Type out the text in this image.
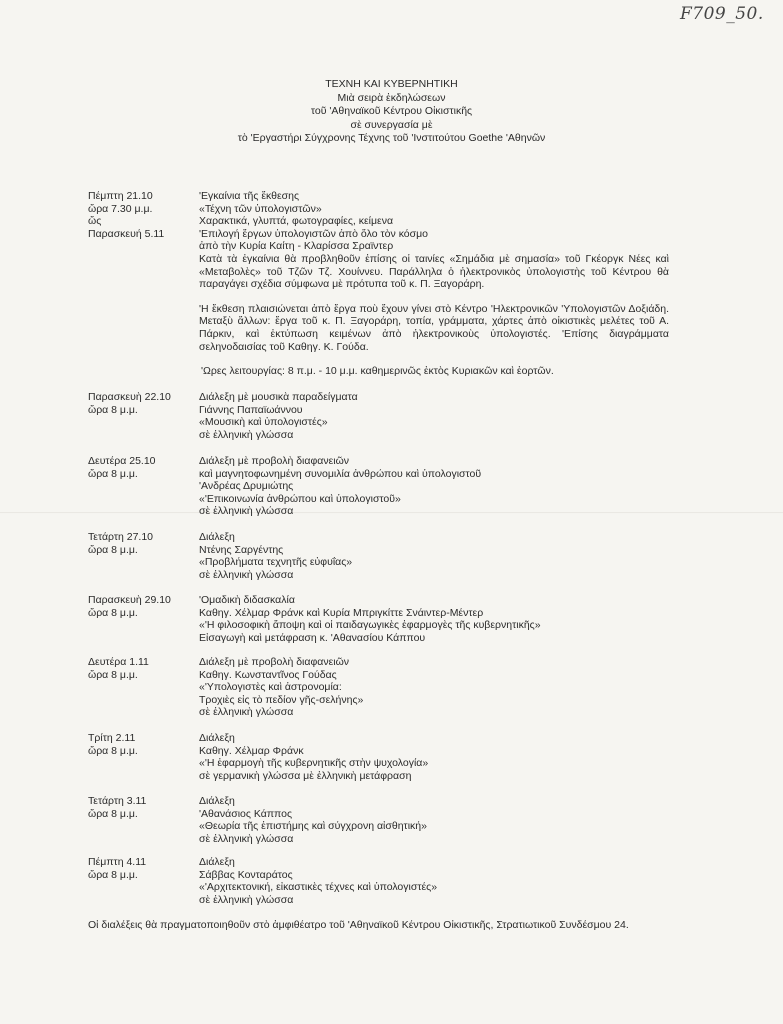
F709_50.
ΤΕΧΝΗ ΚΑΙ ΚΥΒΕΡΝΗΤΙΚΗ
Μιὰ σειρὰ ἐκδηλώσεων
τοῦ 'Αθηναϊκοῦ Κέντρου Οἰκιστικῆς
σὲ συνεργασία μὲ
τὸ 'Εργαστήρι Σύγχρονης Τέχνης τοῦ 'Ινστιτούτου Goethe 'Αθηνῶν
Πέμπτη 21.10
ὥρα 7.30 μ.μ.
ὥς
Παρασκευή 5.11
'Εγκαίνια τῆς ἔκθεσης
«Τέχνη τῶν ὑπολογιστῶν»
Χαρακτικά, γλυπτά, φωτογραφίες, κείμενα
'Επιλογή ἔργων ὑπολογιστῶν ἀπὸ ὅλο τὸν κόσμο
ἀπὸ τὴν Κυρία Καίτη - Κλαρίσσα Σραϊντερ
Κατὰ τὰ ἐγκαίνια θὰ προβληθοῦν ἐπίσης οἱ ταινίες «Σημάδια μὲ σημασία» τοῦ Γκέοργκ Νέες καὶ «Μεταβολὲς» τοῦ Τζῶν Τζ. Χουίννευ. Παράλληλα ὁ ἠλεκτρονικὸς ὑπολογιστὴς τοῦ Κέντρου θὰ παραγάγει σχέδια σύμφωνα μὲ πρότυπα τοῦ κ. Π. Ξαγοράρη.
'Η ἔκθεση πλαισιώνεται ἀπὸ ἔργα ποὺ ἔχουν γίνει στὸ Κέντρο 'Ηλεκτρονικῶν 'Υπολογιστῶν Δοξιάδη. Μεταξὺ ἄλλων: ἔργα τοῦ κ. Π. Ξαγοράρη, τοπία, γράμματα, χάρτες ἀπὸ οἰκιστικὲς μελέτες τοῦ Α. Πάρκιν, καὶ ἐκτύπωση κειμένων ἀπὸ ἠλεκτρονικοὺς ὑπολογιστές. 'Επίσης διαγράμματα σεληνοδαισίας τοῦ Καθηγ. Κ. Γούδα.
'Ωρες λειτουργίας: 8 π.μ. - 10 μ.μ. καθημερινῶς ἐκτὸς Κυριακῶν καὶ ἑορτῶν.
Παρασκευὴ 22.10
ὥρα 8 μ.μ.
Διάλεξη μὲ μουσικὰ παραδείγματα
Γιάννης Παπαϊωάννου
«Μουσικὴ καὶ ὑπολογιστές»
σὲ ἑλληνικὴ γλώσσα
Δευτέρα 25.10
ὥρα 8 μ.μ.
Διάλεξη μὲ προβολὴ διαφανειῶν
καὶ μαγνητοφωνημένη συνομιλία ἀνθρώπου καὶ ὑπολογιστοῦ
'Ανδρέας Δρυμιώτης
«'Επικοινωνία ἀνθρώπου καὶ ὑπολογιστοῦ»
σὲ ἑλληνικὴ γλώσσα
Τετάρτη 27.10
ὥρα 8 μ.μ.
Διάλεξη
Ντένης Σαργέντης
«Προβλήματα τεχνητῆς εὐφυΐας»
σὲ ἑλληνικὴ γλώσσα
Παρασκευὴ 29.10
ὥρα 8 μ.μ.
'Ομαδικὴ διδασκαλία
Καθηγ. Χέλμαρ Φράνκ καὶ Κυρία Μπριγκίττε Σνάιντερ-Μέντερ
«'Η φιλοσοφικὴ ἄποψη καὶ οἱ παιδαγωγικὲς ἐφαρμογὲς τῆς κυβερνητικῆς»
Εἰσαγωγὴ καὶ μετάφραση κ. 'Αθανασίου Κάππου
Δευτέρα 1.11
ὥρα 8 μ.μ.
Διάλεξη μὲ προβολὴ διαφανειῶν
Καθηγ. Κωνσταντῖνος Γούδας
«'Υπολογιστὲς καὶ ἀστρονομία:
Τροχιὲς εἰς τὸ πεδίον γῆς-σελήνης»
σὲ ἑλληνικὴ γλώσσα
Τρίτη 2.11
ὥρα 8 μ.μ.
Διάλεξη
Καθηγ. Χέλμαρ Φράνκ
«'Η ἐφαρμογὴ τῆς κυβερνητικῆς στὴν ψυχολογία»
σὲ γερμανικὴ γλώσσα μὲ ἑλληνικὴ μετάφραση
Τετάρτη 3.11
ὥρα 8 μ.μ.
Διάλεξη
'Αθανάσιος Κάππος
«Θεωρία τῆς ἐπιστήμης καὶ σύγχρονη αἰσθητική»
σὲ ἑλληνικὴ γλώσσα
Πέμπτη 4.11
ὥρα 8 μ.μ.
Διάλεξη
Σάββας Κονταράτος
«'Αρχιτεκτονική, εἰκαστικὲς τέχνες καὶ ὑπολογιστές»
σὲ ἑλληνικὴ γλώσσα
Οἱ διαλέξεις θὰ πραγματοποιηθοῦν στὸ ἀμφιθέατρο τοῦ 'Αθηναϊκοῦ Κέντρου Οἰκιστικῆς, Στρατιωτικοῦ Συνδέσμου 24.
